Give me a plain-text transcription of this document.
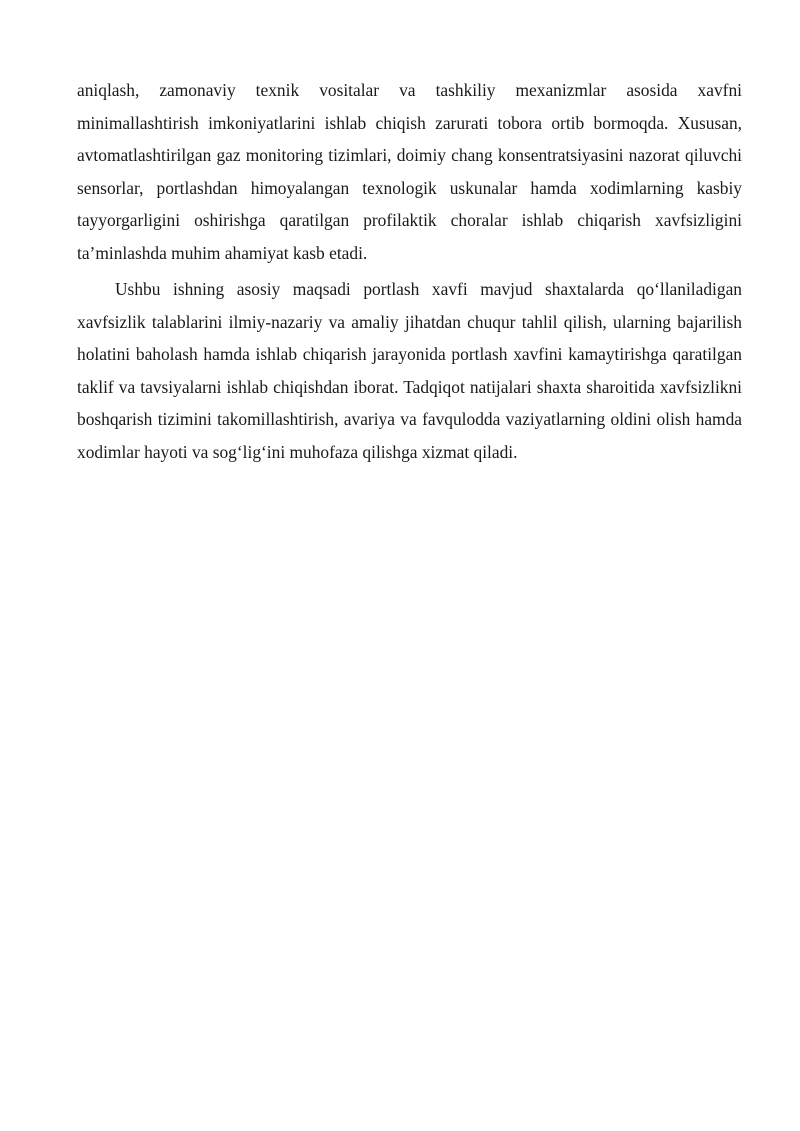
aniqlash, zamonaviy texnik vositalar va tashkiliy mexanizmlar asosida xavfni minimallashtirish imkoniyatlarini ishlab chiqish zarurati tobora ortib bormoqda. Xususan, avtomatlashtirilgan gaz monitoring tizimlari, doimiy chang konsentratsiyasini nazorat qiluvchi sensorlar, portlashdan himoyalangan texnologik uskunalar hamda xodimlarning kasbiy tayyorgarligini oshirishga qaratilgan profilaktik choralar ishlab chiqarish xavfsizligini ta’minlashda muhim ahamiyat kasb etadi.

Ushbu ishning asosiy maqsadi portlash xavfi mavjud shaxtalarda qo‘llaniladigan xavfsizlik talablarini ilmiy-nazariy va amaliy jihatdan chuqur tahlil qilish, ularning bajarilish holatini baholash hamda ishlab chiqarish jarayonida portlash xavfini kamaytirishga qaratilgan taklif va tavsiyalarni ishlab chiqishdan iborat. Tadqiqot natijalari shaxta sharoitida xavfsizlikni boshqarish tizimini takomillashtirish, avariya va favqulodda vaziyatlarning oldini olish hamda xodimlar hayoti va sog‘lig‘ini muhofaza qilishga xizmat qiladi.
